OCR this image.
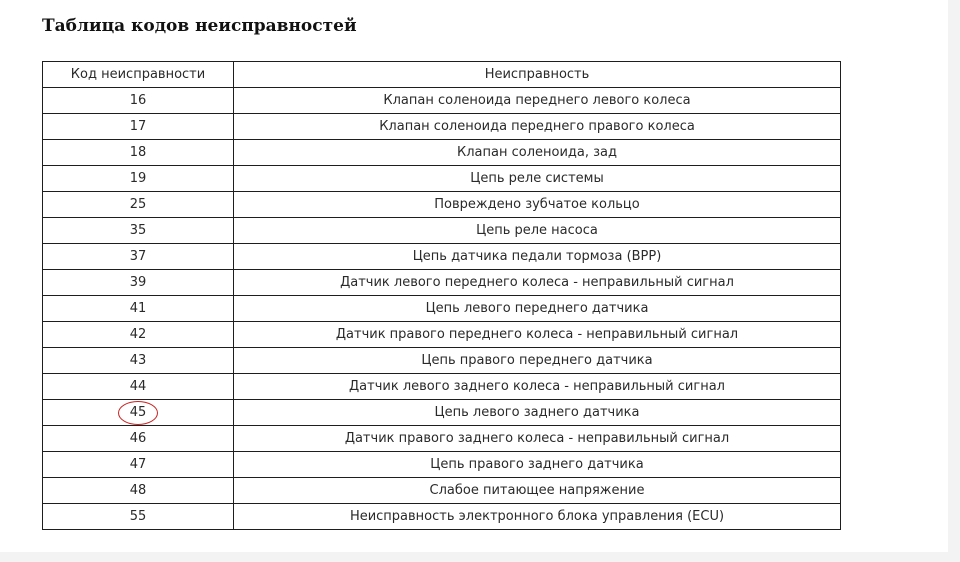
Таблица кодов неисправностей
Код неисправности	Неисправность
16	Клапан соленоида переднего левого колеса
17	Клапан соленоида переднего правого колеса
18	Клапан соленоида, зад
19	Цепь реле системы
25	Повреждено зубчатое кольцо
35	Цепь реле насоса
37	Цепь датчика педали тормоза (BPP)
39	Датчик левого переднего колеса - неправильный сигнал
41	Цепь левого переднего датчика
42	Датчик правого переднего колеса - неправильный сигнал
43	Цепь правого переднего датчика
44	Датчик левого заднего колеса - неправильный сигнал
45	Цепь левого заднего датчика
46	Датчик правого заднего колеса - неправильный сигнал
47	Цепь правого заднего датчика
48	Слабое питающее напряжение
55	Неисправность электронного блока управления (ECU)
